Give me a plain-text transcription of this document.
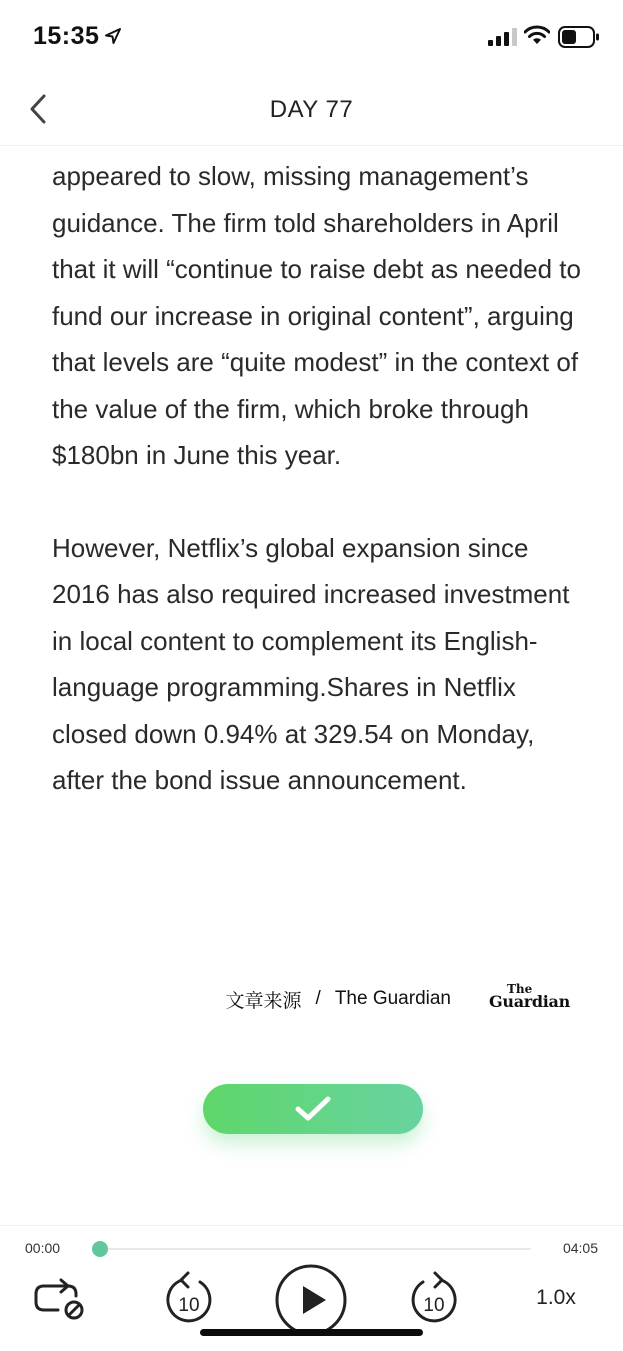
15:35
DAY 77

appeared to slow, missing management’s guidance. The firm told shareholders in April that it will “continue to raise debt as needed to fund our increase in original content”, arguing that levels are “quite modest” in the context of the value of the firm, which broke through $180bn in June this year.

However, Netflix’s global expansion since 2016 has also required increased investment in local content to complement its English-language programming.Shares in Netflix closed down 0.94% at 329.54 on Monday, after the bond issue announcement.

文章来源 / The Guardian	The
Guardian
00:00	04:05
10	10	1.0x
